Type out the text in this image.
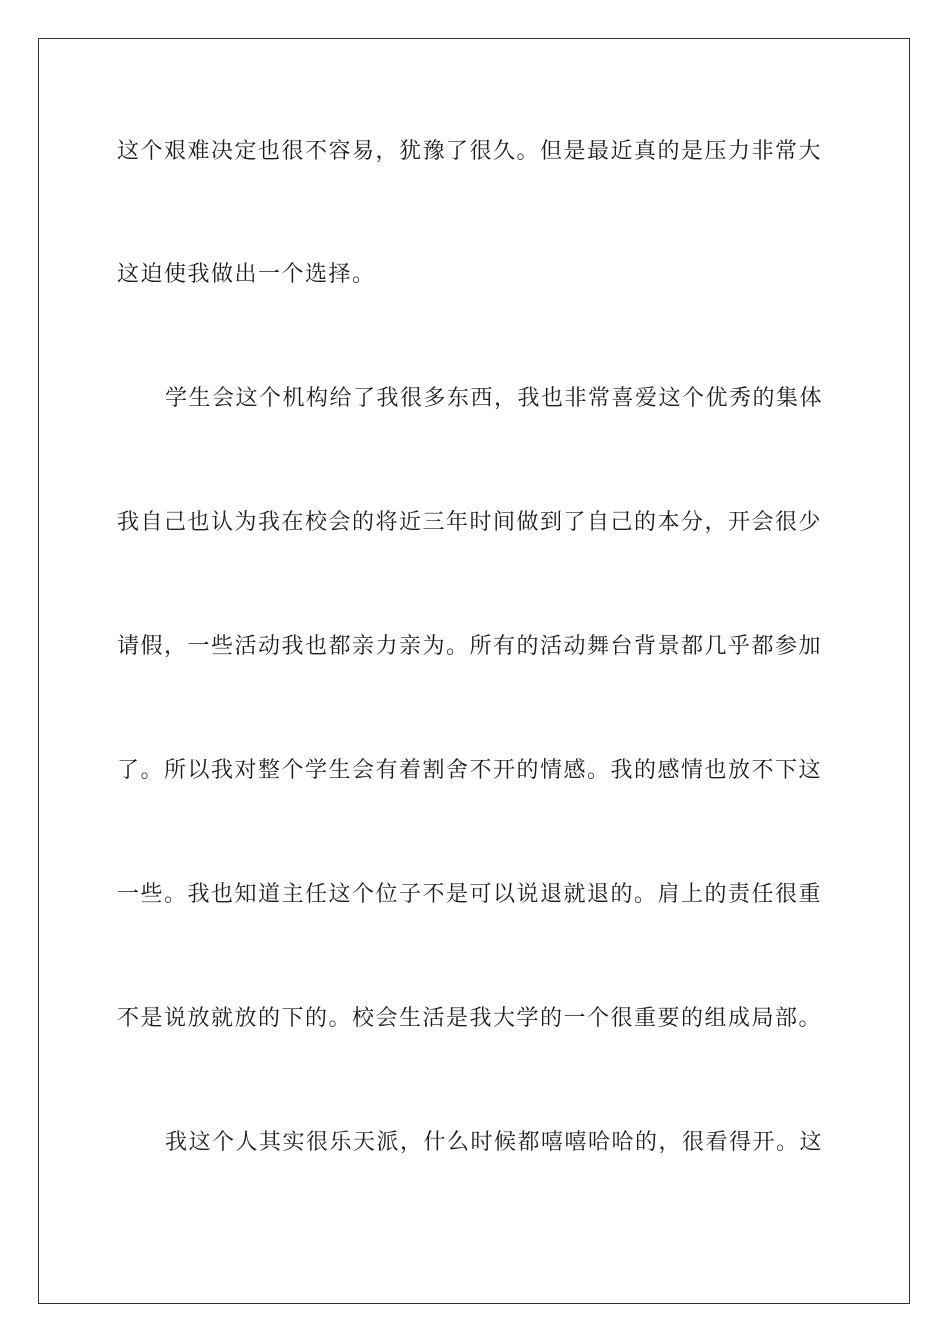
这个艰难决定也很不容易，犹豫了很久。但是最近真的是压力非常大
这迫使我做出一个选择。
学生会这个机构给了我很多东西，我也非常喜爱这个优秀的集体
我自己也认为我在校会的将近三年时间做到了自己的本分，开会很少
请假，一些活动我也都亲力亲为。所有的活动舞台背景都几乎都参加
了。所以我对整个学生会有着割舍不开的情感。我的感情也放不下这
一些。我也知道主任这个位子不是可以说退就退的。肩上的责任很重
不是说放就放的下的。校会生活是我大学的一个很重要的组成局部。
我这个人其实很乐天派，什么时候都嘻嘻哈哈的，很看得开。这
